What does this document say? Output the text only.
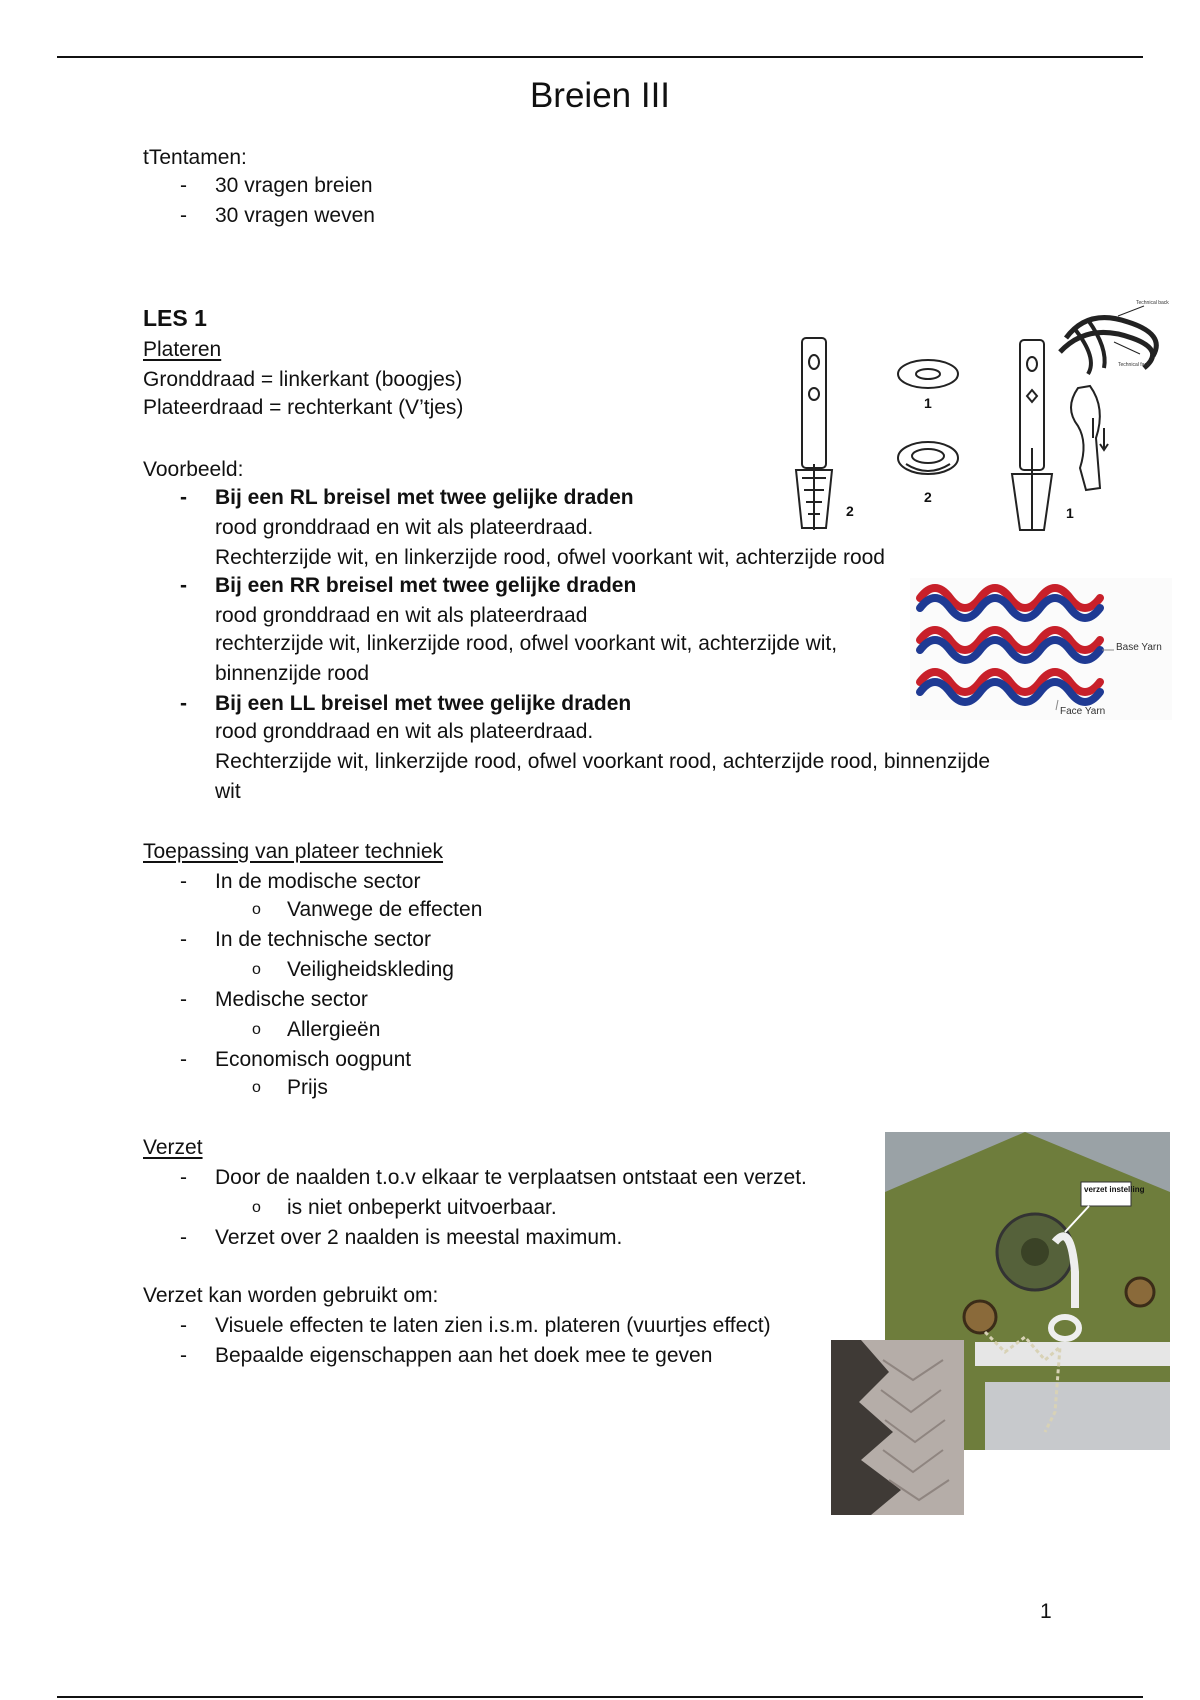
Breien III
tTentamen:
- 30 vragen breien
- 30 vragen weven
LES 1
Plateren
Gronddraad = linkerkant (boogjes)
Plateerdraad = rechterkant (V’tjes)
Voorbeeld:
- Bij een RL breisel met twee gelijke draden
rood gronddraad en wit als plateerdraad.
Rechterzijde wit, en linkerzijde rood, ofwel voorkant wit, achterzijde rood
- Bij een RR breisel met twee gelijke draden
rood gronddraad en wit als plateerdraad
rechterzijde wit, linkerzijde rood, ofwel voorkant wit, achterzijde wit,
binnenzijde rood
- Bij een LL breisel met twee gelijke draden
rood gronddraad en wit als plateerdraad.
Rechterzijde wit, linkerzijde rood, ofwel voorkant rood, achterzijde rood, binnenzijde
wit
Toepassing van plateer techniek
- In de modische sector
o Vanwege de effecten
- In de technische sector
o Veiligheidskleding
- Medische sector
o Allergieën
- Economisch oogpunt
o Prijs
Verzet
- Door de naalden t.o.v elkaar te verplaatsen ontstaat een verzet.
o is niet onbeperkt uitvoerbaar.
- Verzet over 2 naalden is meestal maximum.
Verzet kan worden gebruikt om:
- Visuele effecten te laten zien i.s.m. plateren (vuurtjes effect)
- Bepaalde eigenschappen aan het doek mee te geven
2
1
2
1
Technical back
Technical face
Base Yarn
Face Yarn
verzet instelling
1
